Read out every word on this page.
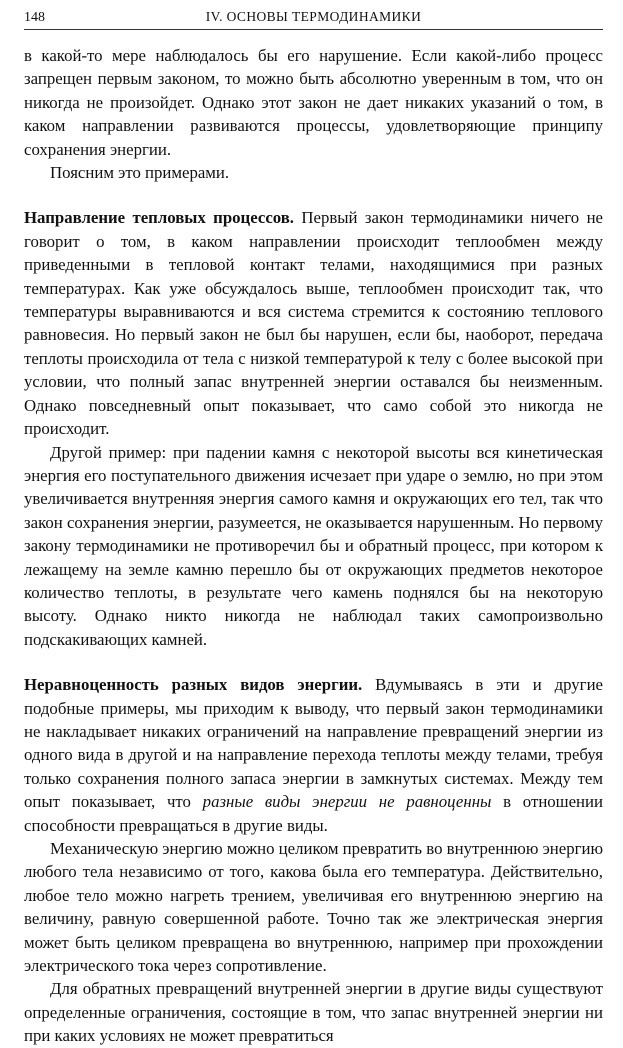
148	IV. ОСНОВЫ ТЕРМОДИНАМИКИ

в какой-то мере наблюдалось бы его нарушение. Если какой-либо процесс запрещен первым законом, то можно быть абсолютно уверенным в том, что он никогда не произойдет. Однако этот закон не дает никаких указаний о том, в каком направлении развиваются процессы, удовлетворяющие принципу сохранения энергии.

Поясним это примерами.

Направление тепловых процессов. Первый закон термодинамики ничего не говорит о том, в каком направлении происходит теплообмен между приведенными в тепловой контакт телами, находящимися при разных температурах. Как уже обсуждалось выше, теплообмен происходит так, что температуры выравниваются и вся система стремится к состоянию теплового равновесия. Но первый закон не был бы нарушен, если бы, наоборот, передача теплоты происходила от тела с низкой температурой к телу с более высокой при условии, что полный запас внутренней энергии оставался бы неизменным. Однако повседневный опыт показывает, что само собой это никогда не происходит.

Другой пример: при падении камня с некоторой высоты вся кинетическая энергия его поступательного движения исчезает при ударе о землю, но при этом увеличивается внутренняя энергия самого камня и окружающих его тел, так что закон сохранения энергии, разумеется, не оказывается нарушенным. Но первому закону термодинамики не противоречил бы и обратный процесс, при котором к лежащему на земле камню перешло бы от окружающих предметов некоторое количество теплоты, в результате чего камень поднялся бы на некоторую высоту. Однако никто никогда не наблюдал таких самопроизвольно подскакивающих камней.

Неравноценность разных видов энергии. Вдумываясь в эти и другие подобные примеры, мы приходим к выводу, что первый закон термодинамики не накладывает никаких ограничений на направление превращений энергии из одного вида в другой и на направление перехода теплоты между телами, требуя только сохранения полного запаса энергии в замкнутых системах. Между тем опыт показывает, что разные виды энергии не равноценны в отношении способности превращаться в другие виды.

Механическую энергию можно целиком превратить во внутреннюю энергию любого тела независимо от того, какова была его температура. Действительно, любое тело можно нагреть трением, увеличивая его внутреннюю энергию на величину, равную совершенной работе. Точно так же электрическая энергия может быть целиком превращена во внутреннюю, например при прохождении электрического тока через сопротивление.

Для обратных превращений внутренней энергии в другие виды существуют определенные ограничения, состоящие в том, что запас внутренней энергии ни при каких условиях не может превратиться
